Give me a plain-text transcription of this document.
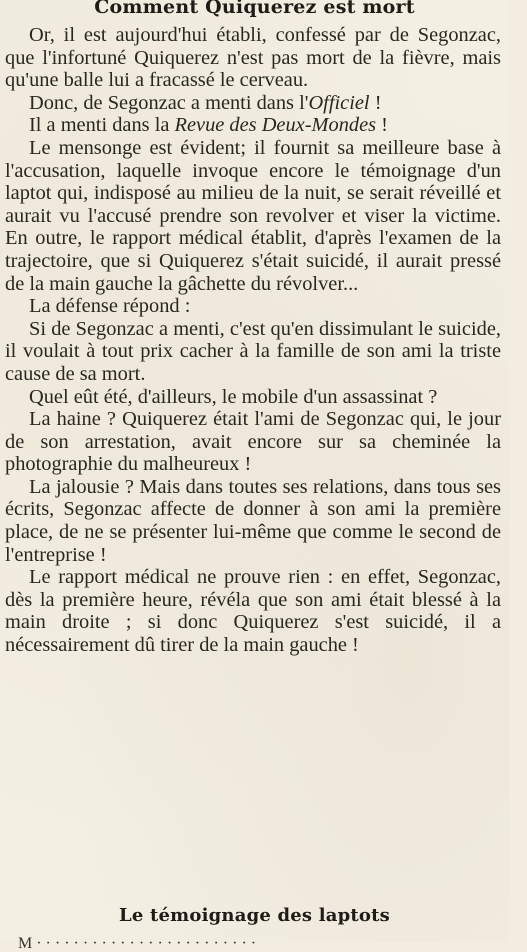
Comment Quiquerez est mort

Or, il est aujourd'hui établi, confessé par de Segonzac, que l'infortuné Quiquerez n'est pas mort de la fièvre, mais qu'une balle lui a fracassé le cerveau.

Donc, de Segonzac a menti dans l'Officiel !

Il a menti dans la Revue des Deux-Mondes !

Le mensonge est évident; il fournit sa meilleure base à l'accusation, laquelle invoque encore le témoignage d'un laptot qui, indisposé au milieu de la nuit, se serait réveillé et aurait vu l'accusé prendre son revolver et viser la victime. En outre, le rapport médical établit, d'après l'examen de la trajectoire, que si Quiquerez s'était suicidé, il aurait pressé de la main gauche la gâchette du révolver...

La défense répond :

Si de Segonzac a menti, c'est qu'en dissimulant le suicide, il voulait à tout prix cacher à la famille de son ami la triste cause de sa mort.

Quel eût été, d'ailleurs, le mobile d'un assassinat ?

La haine ? Quiquerez était l'ami de Segonzac qui, le jour de son arrestation, avait encore sur sa cheminée la photographie du malheureux !

La jalousie ? Mais dans toutes ses relations, dans tous ses écrits, Segonzac affecte de donner à son ami la première place, de ne se présenter lui-même que comme le second de l'entreprise !

Le rapport médical ne prouve rien : en effet, Segonzac, dès la première heure, révéla que son ami était blessé à la main droite ; si donc Quiquerez s'est suicidé, il a nécessairement dû tirer de la main gauche !

Le témoignage des laptots
M · · · · · · · · · · · · · · · · · · · · · · · ·
